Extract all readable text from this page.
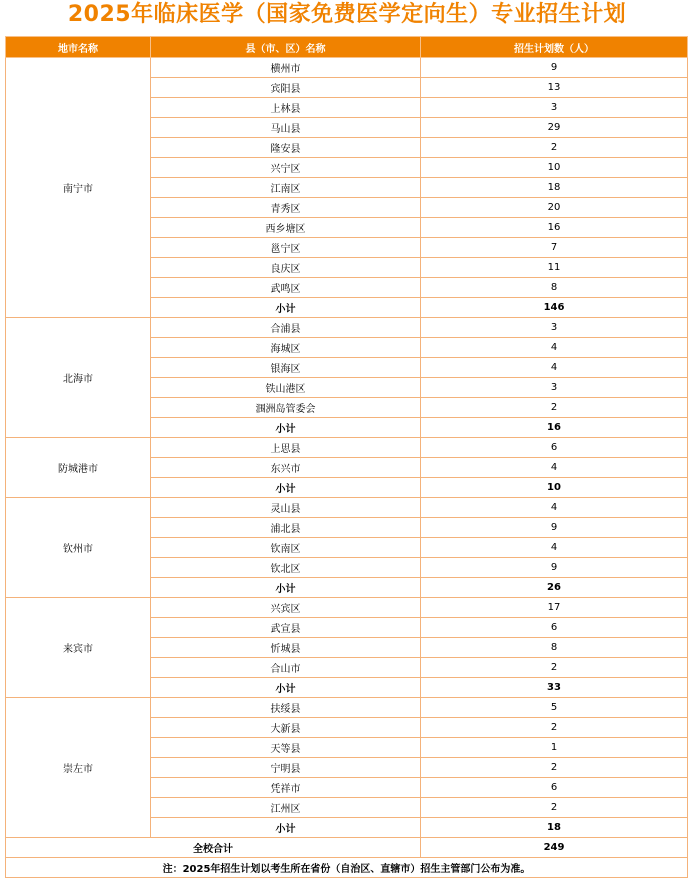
2025年临床医学（国家免费医学定向生）专业招生计划
地市名称	县（市、区）名称	招生计划数（人）
南宁市	横州市	9
	宾阳县	13
	上林县	3
	马山县	29
	隆安县	2
	兴宁区	10
	江南区	18
	青秀区	20
	西乡塘区	16
	邕宁区	7
	良庆区	11
	武鸣区	8
	小计	146
北海市	合浦县	3
	海城区	4
	银海区	4
	铁山港区	3
	涠洲岛管委会	2
	小计	16
防城港市	上思县	6
	东兴市	4
	小计	10
钦州市	灵山县	4
	浦北县	9
	钦南区	4
	钦北区	9
	小计	26
来宾市	兴宾区	17
	武宣县	6
	忻城县	8
	合山市	2
	小计	33
崇左市	扶绥县	5
	大新县	2
	天等县	1
	宁明县	2
	凭祥市	6
	江州区	2
	小计	18
全校合计		249
注：2025年招生计划以考生所在省份（自治区、直辖市）招生主管部门公布为准。		
